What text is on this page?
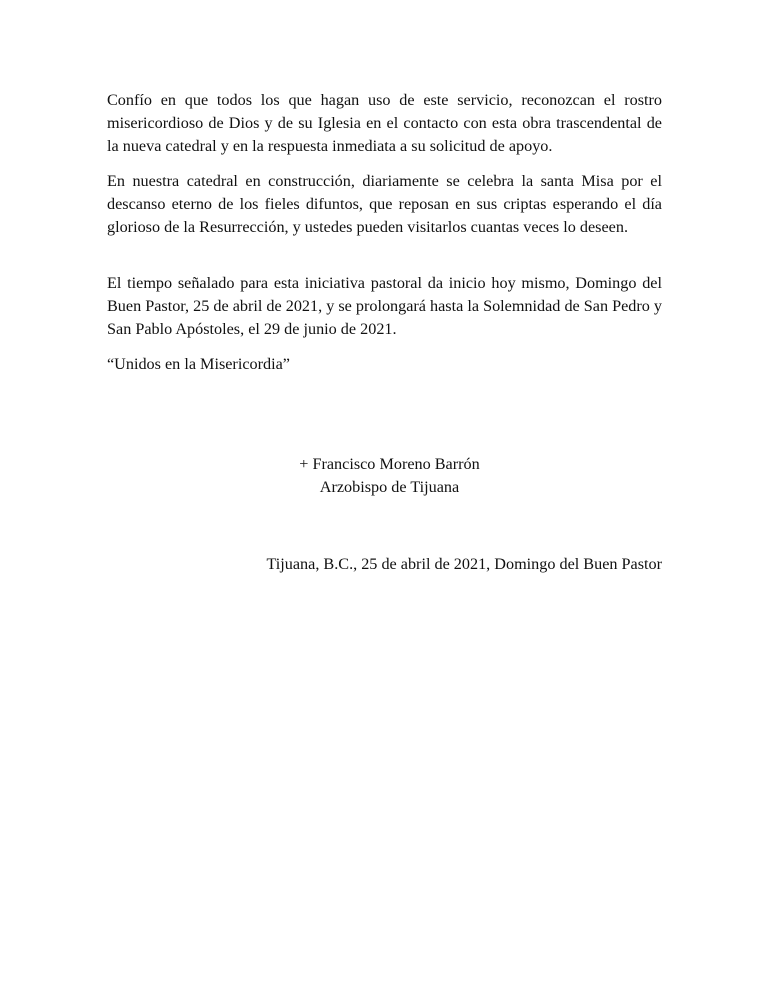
Confío en que todos los que hagan uso de este servicio, reconozcan el rostro misericordioso de Dios y de su Iglesia en el contacto con esta obra trascendental de la nueva catedral y en la respuesta inmediata a su solicitud de apoyo.

En nuestra catedral en construcción, diariamente se celebra la santa Misa por el descanso eterno de los fieles difuntos, que reposan en sus criptas esperando el día glorioso de la Resurrección, y ustedes pueden visitarlos cuantas veces lo deseen.

El tiempo señalado para esta iniciativa pastoral da inicio hoy mismo, Domingo del Buen Pastor, 25 de abril de 2021, y se prolongará hasta la Solemnidad de San Pedro y San Pablo Apóstoles, el 29 de junio de 2021.

“Unidos en la Misericordia”

+ Francisco Moreno Barrón

Arzobispo de Tijuana

Tijuana, B.C., 25 de abril de 2021, Domingo del Buen Pastor
